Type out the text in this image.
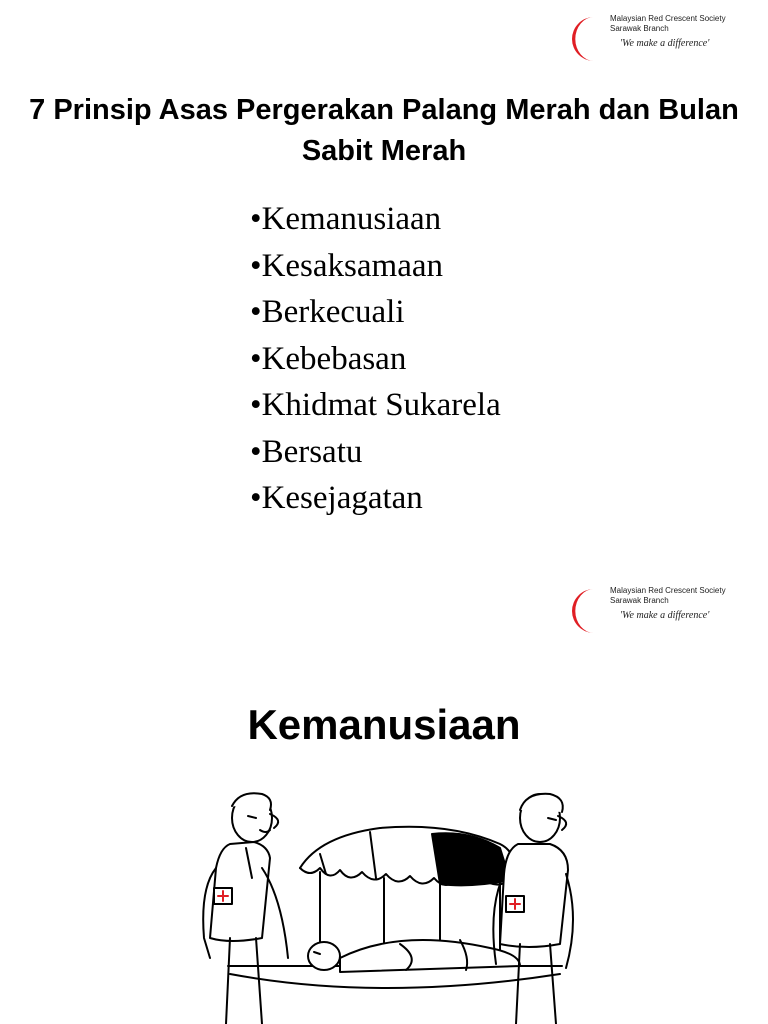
Malaysian Red Crescent Society
Sarawak Branch
'We make a difference'
7 Prinsip Asas Pergerakan Palang Merah dan Bulan Sabit Merah
• Kemanusiaan
• Kesaksamaan
• Berkecuali
• Kebebasan
• Khidmat Sukarela
• Bersatu
• Kesejagatan
Malaysian Red Crescent Society
Sarawak Branch
'We make a difference'
Kemanusiaan
